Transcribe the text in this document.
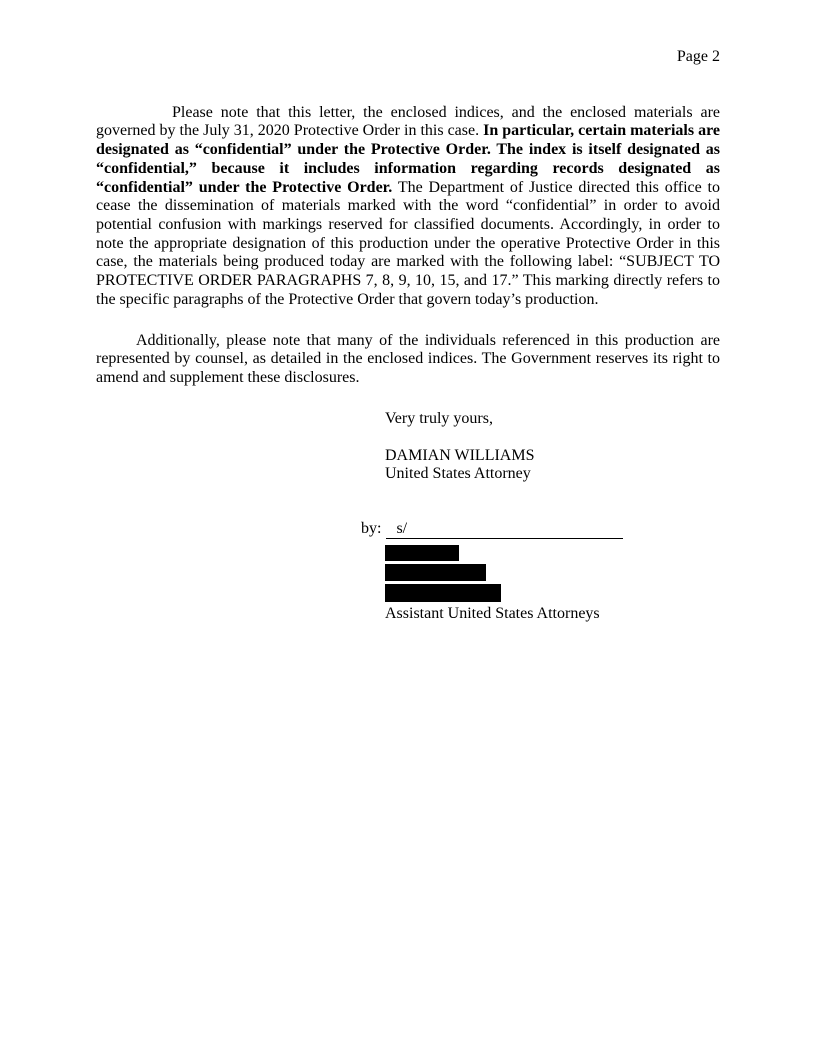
Page 2

Please note that this letter, the enclosed indices, and the enclosed materials are governed by the July 31, 2020 Protective Order in this case. In particular, certain materials are designated as “confidential” under the Protective Order. The index is itself designated as “confidential,” because it includes information regarding records designated as “confidential” under the Protective Order. The Department of Justice directed this office to cease the dissemination of materials marked with the word “confidential” in order to avoid potential confusion with markings reserved for classified documents. Accordingly, in order to note the appropriate designation of this production under the operative Protective Order in this case, the materials being produced today are marked with the following label: “SUBJECT TO PROTECTIVE ORDER PARAGRAPHS 7, 8, 9, 10, 15, and 17.” This marking directly refers to the specific paragraphs of the Protective Order that govern today’s production.

Additionally, please note that many of the individuals referenced in this production are represented by counsel, as detailed in the enclosed indices. The Government reserves its right to amend and supplement these disclosures.

Very truly yours,
DAMIAN WILLIAMS
United States Attorney
by: s/
Assistant United States Attorneys
